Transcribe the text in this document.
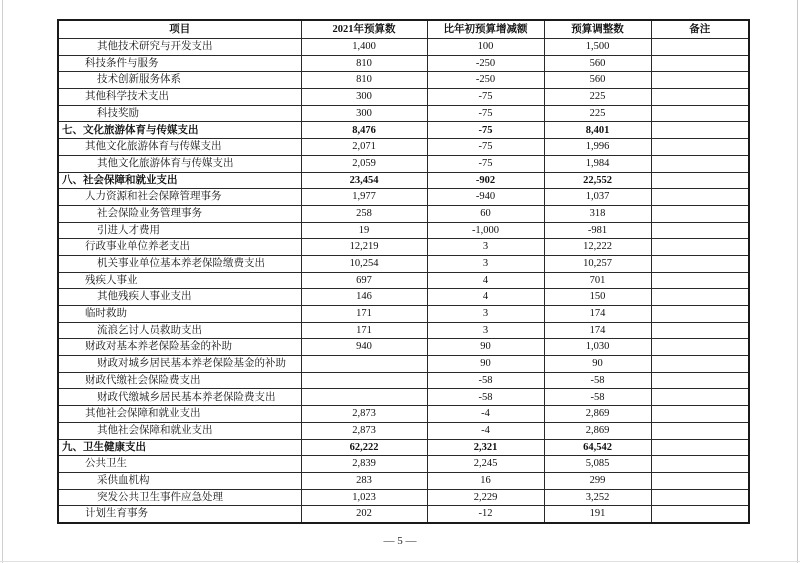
项目	2021年预算数	比年初预算增减额	预算调整数	备注
其他技术研究与开发支出	1,400	100	1,500	
科技条件与服务	810	-250	560	
技术创新服务体系	810	-250	560	
其他科学技术支出	300	-75	225	
科技奖励	300	-75	225	
七、文化旅游体育与传媒支出	8,476	-75	8,401	
其他文化旅游体育与传媒支出	2,071	-75	1,996	
其他文化旅游体育与传媒支出	2,059	-75	1,984	
八、社会保障和就业支出	23,454	-902	22,552	
人力资源和社会保障管理事务	1,977	-940	1,037	
社会保险业务管理事务	258	60	318	
引进人才费用	19	-1,000	-981	
行政事业单位养老支出	12,219	3	12,222	
机关事业单位基本养老保险缴费支出	10,254	3	10,257	
残疾人事业	697	4	701	
其他残疾人事业支出	146	4	150	
临时救助	171	3	174	
流浪乞讨人员救助支出	171	3	174	
财政对基本养老保险基金的补助	940	90	1,030	
财政对城乡居民基本养老保险基金的补助		90	90	
财政代缴社会保险费支出		-58	-58	
财政代缴城乡居民基本养老保险费支出		-58	-58	
其他社会保障和就业支出	2,873	-4	2,869	
其他社会保障和就业支出	2,873	-4	2,869	
九、卫生健康支出	62,222	2,321	64,542	
公共卫生	2,839	2,245	5,085	
采供血机构	283	16	299	
突发公共卫生事件应急处理	1,023	2,229	3,252	
计划生育事务	202	-12	191	
— 5 —
